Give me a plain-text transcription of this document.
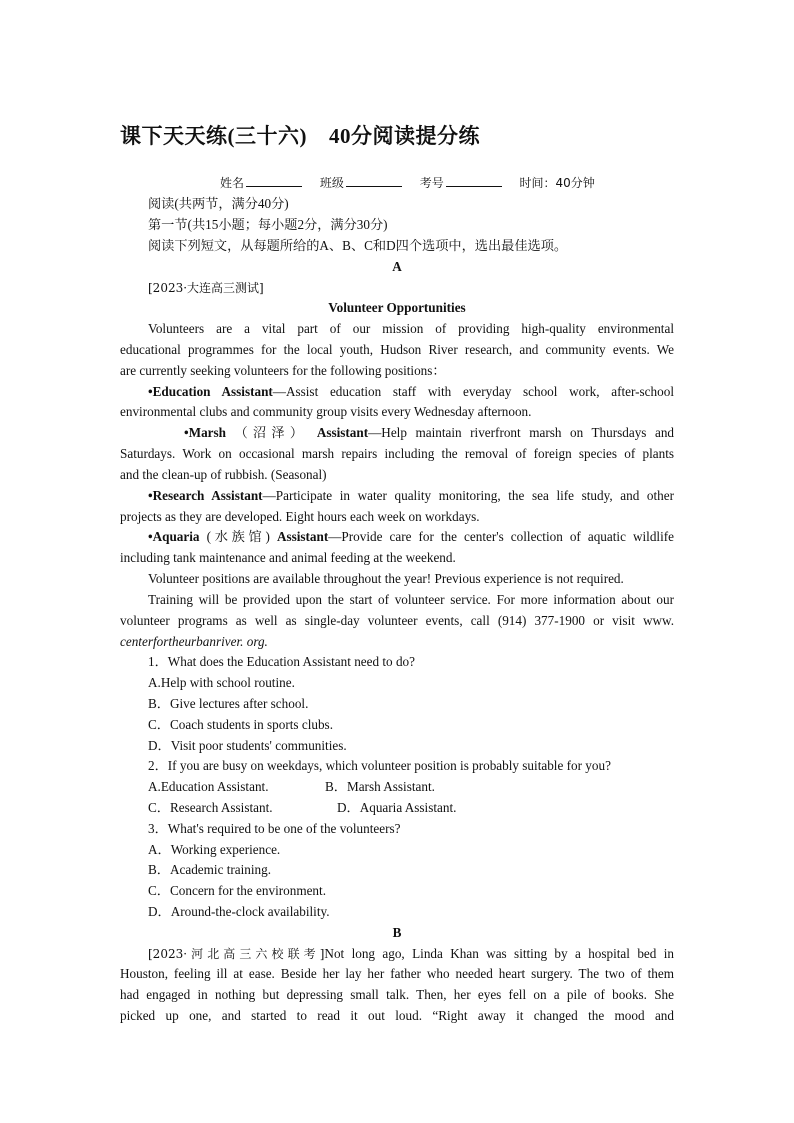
课下天天练(三十六) 40分阅读提分练
姓名	班级	考号	时间：40分钟
阅读(共两节，满分40分)
第一节(共15小题；每小题2分，满分30分)
阅读下列短文，从每题所给的A、B、C和D四个选项中，选出最佳选项。
A
[2023·大连高三测试]
Volunteer Opportunities
Volunteers are a vital part of our mission of providing high-quality environmental
educational programmes for the local youth, Hudson River research, and community events. We
are currently seeking volunteers for the following positions：
•Education Assistant—Assist education staff with everyday school work, after-school
environmental clubs and community group visits every Wednesday afternoon.
•Marsh （沼泽） Assistant—Help maintain riverfront marsh on Thursdays and
Saturdays. Work on occasional marsh repairs including the removal of foreign species of plants
and the clean-up of rubbish. (Seasonal)
•Research Assistant—Participate in water quality monitoring, the sea life study, and other
projects as they are developed. Eight hours each week on workdays.
•Aquaria (水族馆) Assistant—Provide care for the center's collection of aquatic wildlife
including tank maintenance and animal feeding at the weekend.
Volunteer positions are available throughout the year! Previous experience is not required.
Training will be provided upon the start of volunteer service. For more information about our
volunteer programs as well as single-day volunteer events, call (914) 377-1900 or visit www.
centerfortheurbanriver. org.
1．What does the Education Assistant need to do?
A.Help with school routine.
B．Give lectures after school.
C．Coach students in sports clubs.
D．Visit poor students' communities.
2．If you are busy on weekdays, which volunteer position is probably suitable for you?
A.Education Assistant.	B．Marsh Assistant.
C．Research Assistant.	D．Aquaria Assistant.
3．What's required to be one of the volunteers?
A．Working experience.
B．Academic training.
C．Concern for the environment.
D．Around-the-clock availability.
B
[2023·河北高三六校联考]Not long ago, Linda Khan was sitting by a hospital bed in
Houston, feeling ill at ease. Beside her lay her father who needed heart surgery. The two of them
had engaged in nothing but depressing small talk. Then, her eyes fell on a pile of books. She
picked up one, and started to read it out loud. “Right away it changed the mood and
